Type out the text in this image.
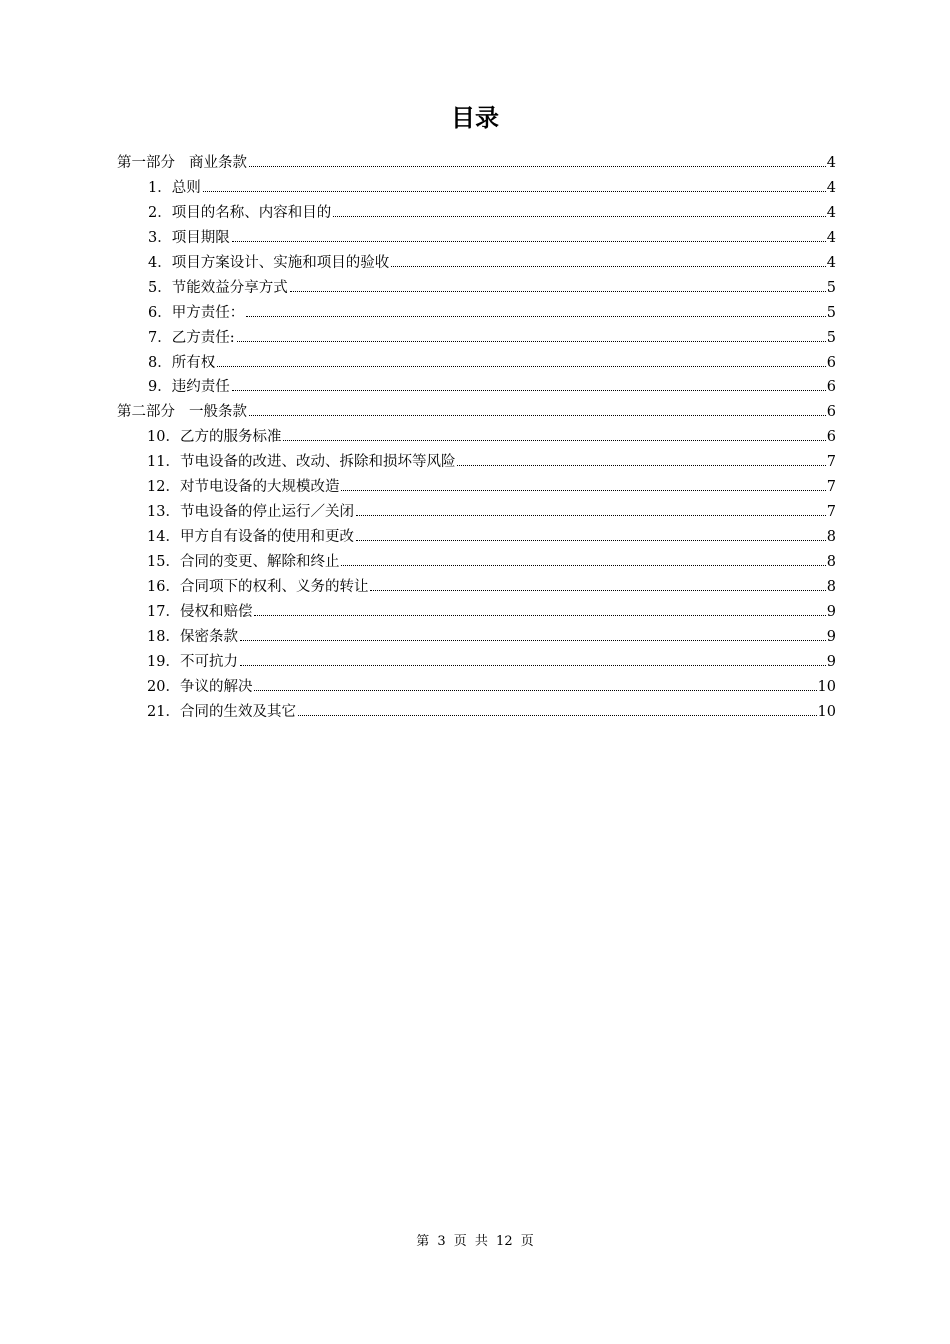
目录
第一部分 商业条款	4
1．总则	4
2．项目的名称、内容和目的	4
3．项目期限	4
4．项目方案设计、实施和项目的验收	4
5．节能效益分享方式	5
6．甲方责任：	5
7．乙方责任:	5
8．所有权	6
9．违约责任	6
第二部分 一般条款	6
10．乙方的服务标准	6
11．节电设备的改进、改动、拆除和损坏等风险	7
12．对节电设备的大规模改造	7
13．节电设备的停止运行／关闭	7
14．甲方自有设备的使用和更改	8
15．合同的变更、解除和终止	8
16．合同项下的权利、义务的转让	8
17．侵权和赔偿	9
18．保密条款	9
19．不可抗力	9
20．争议的解决	10
21．合同的生效及其它	10
第 3 页 共 12 页
